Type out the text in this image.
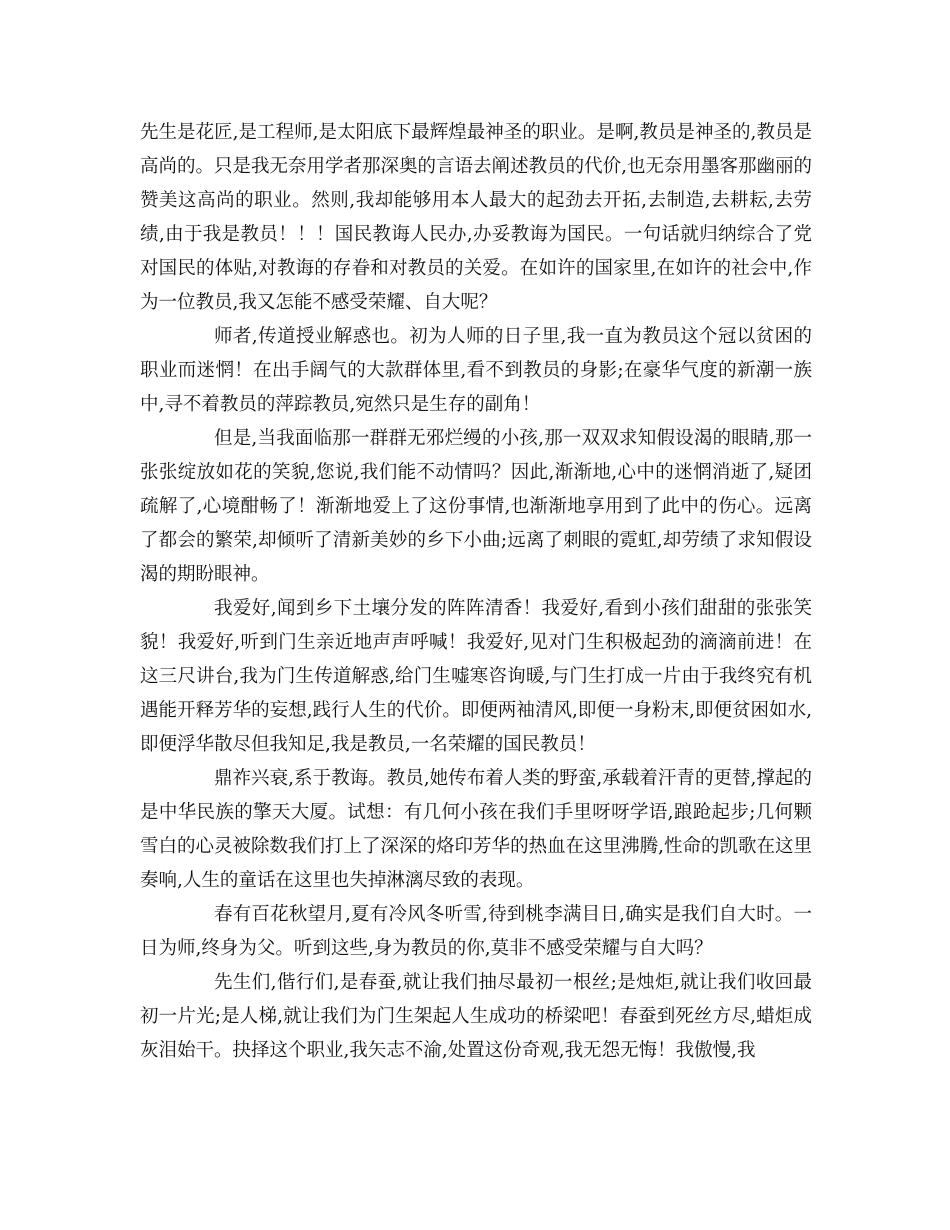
先生是花匠,是工程师,是太阳底下最辉煌最神圣的职业。是啊,教员是神圣的,教员是高尚的。只是我无奈用学者那深奥的言语去阐述教员的代价,也无奈用墨客那幽丽的赞美这高尚的职业。然则,我却能够用本人最大的起劲去开拓,去制造,去耕耘,去劳绩,由于我是教员！！！国民教诲人民办,办妥教诲为国民。一句话就归纳综合了党对国民的体贴,对教诲的存眷和对教员的关爱。在如许的国家里,在如许的社会中,作为一位教员,我又怎能不感受荣耀、自大呢？

师者,传道授业解惑也。初为人师的日子里,我一直为教员这个冠以贫困的职业而迷惘！在出手阔气的大款群体里,看不到教员的身影;在豪华气度的新潮一族中,寻不着教员的萍踪教员,宛然只是生存的副角！

但是,当我面临那一群群无邪烂缦的小孩,那一双双求知假设渴的眼睛,那一张张绽放如花的笑貌,您说,我们能不动情吗？因此,渐渐地,心中的迷惘消逝了,疑团疏解了,心境酣畅了！渐渐地爱上了这份事情,也渐渐地享用到了此中的伤心。远离了都会的繁荣,却倾听了清新美妙的乡下小曲;远离了刺眼的霓虹,却劳绩了求知假设渴的期盼眼神。

我爱好,闻到乡下土壤分发的阵阵清香！我爱好,看到小孩们甜甜的张张笑貌！我爱好,听到门生亲近地声声呼喊！我爱好,见对门生积极起劲的滴滴前进！在这三尺讲台,我为门生传道解惑,给门生嘘寒咨询暖,与门生打成一片由于我终究有机遇能开释芳华的妄想,践行人生的代价。即便两袖清风,即便一身粉末,即便贫困如水,即便浮华散尽但我知足,我是教员,一名荣耀的国民教员！

鼎祚兴衰,系于教诲。教员,她传布着人类的野蛮,承载着汗青的更替,撑起的是中华民族的擎天大厦。试想：有几何小孩在我们手里呀呀学语,踉跄起步;几何颗雪白的心灵被除数我们打上了深深的烙印芳华的热血在这里沸腾,性命的凯歌在这里奏响,人生的童话在这里也失掉淋漓尽致的表现。

春有百花秋望月,夏有冷风冬听雪,待到桃李满目日,确实是我们自大时。一日为师,终身为父。听到这些,身为教员的你,莫非不感受荣耀与自大吗？

先生们,偕行们,是春蚕,就让我们抽尽最初一根丝;是烛炬,就让我们收回最初一片光;是人梯,就让我们为门生架起人生成功的桥梁吧！春蚕到死丝方尽,蜡炬成灰泪始干。抉择这个职业,我矢志不渝,处置这份奇观,我无怨无悔！我傲慢,我
